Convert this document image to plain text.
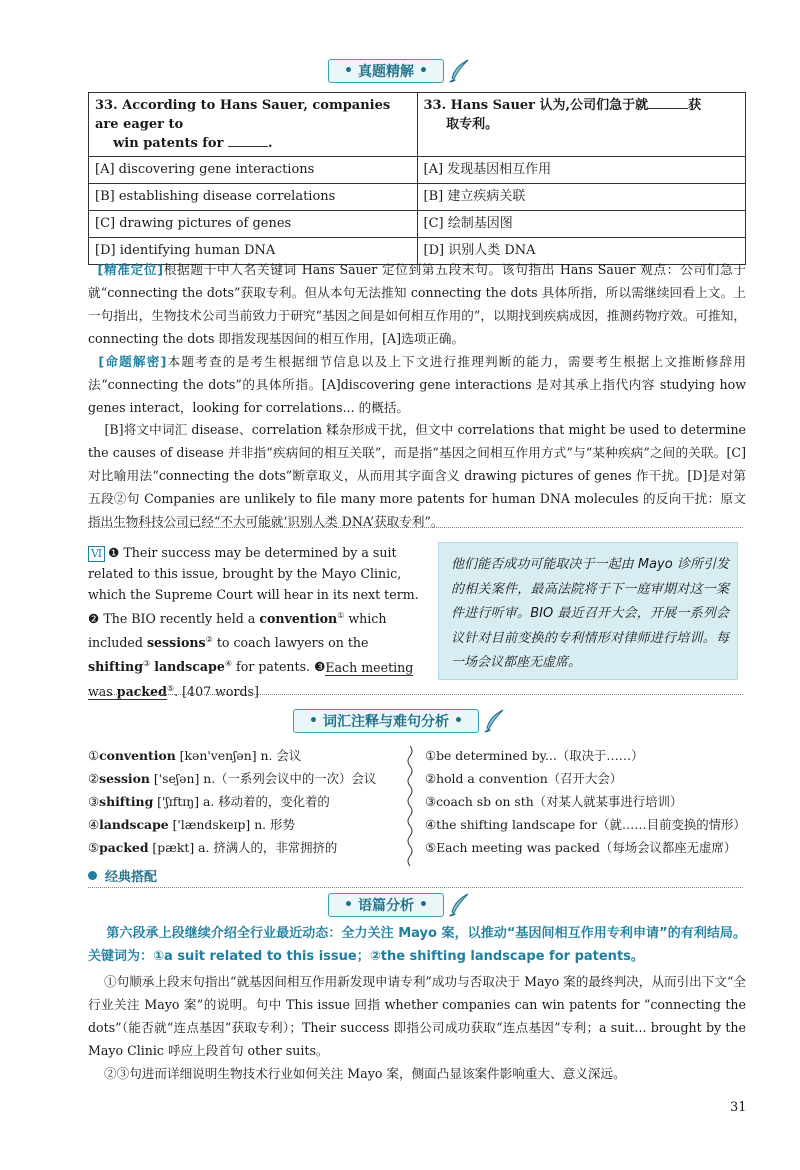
• 真题精解 •
33. According to Hans Sauer, companies are eager to
win patents for .	33. Hans Sauer 认为,公司们急于就 获
取专利。
[A] discovering gene interactions	[A] 发现基因相互作用
[B] establishing disease correlations	[B] 建立疾病关联
[C] drawing pictures of genes	[C] 绘制基因图
[D] identifying human DNA	[D] 识别人类 DNA
[精准定位]根据题干中人名关键词 Hans Sauer 定位到第五段末句。该句指出 Hans Sauer 观点：公司们急于就“connecting the dots”获取专利。但从本句无法推知 connecting the dots 具体所指，所以需继续回看上文。上一句指出，生物技术公司当前致力于研究“基因之间是如何相互作用的”，以期找到疾病成因，推测药物疗效。可推知，connecting the dots 即指发现基因间的相互作用，[A]选项正确。
[命题解密]本题考查的是考生根据细节信息以及上下文进行推理判断的能力，需要考生根据上文推断修辞用法“connecting the dots”的具体所指。[A]discovering gene interactions 是对其承上指代内容 studying how genes interact，looking for correlations... 的概括。
[B]将文中词汇 disease、correlation 糅杂形成干扰，但文中 correlations that might be used to determine the causes of disease 并非指“疾病间的相互关联”，而是指“基因之间相互作用方式”与“某种疾病”之间的关联。[C]对比喻用法“connecting the dots”断章取义，从而用其字面含义 drawing pictures of genes 作干扰。[D]是对第五段②句 Companies are unlikely to file many more patents for human DNA molecules 的反向干扰：原文指出生物科技公司已经“不大可能就‘识别人类 DNA’获取专利”。
Ⅵ ❶ Their success may be determined by a suit related to this issue, brought by the Mayo Clinic, which the Supreme Court will hear in its next term. ❷ The BIO recently held a convention① which included sessions② to coach lawyers on the shifting③ landscape④ for patents. ❸Each meeting was packed⑤. [407 words]
他们能否成功可能取决于一起由 Mayo 诊所引发的相关案件，最高法院将于下一庭审期对这一案件进行听审。BIO 最近召开大会，开展一系列会议针对目前变换的专利情形对律师进行培训。每一场会议都座无虚席。
• 词汇注释与难句分析 •
①convention [kən'venʃən] n. 会议
②session ['seʃən] n.（一系列会议中的一次）会议
③shifting ['ʃɪftɪŋ] a. 移动着的，变化着的
④landscape ['lændskeɪp] n. 形势
⑤packed [pækt] a. 挤满人的，非常拥挤的
①be determined by...（取决于……）
②hold a convention（召开大会）
③coach sb on sth（对某人就某事进行培训）
④the shifting landscape for（就……目前变换的情形）
⑤Each meeting was packed（每场会议都座无虚席）
经典搭配
• 语篇分析 •
第六段承上段继续介绍全行业最近动态：全力关注 Mayo 案，以推动“基因间相互作用专利申请”的有利结局。关键词为：①a suit related to this issue；②the shifting landscape for patents。
①句顺承上段末句指出“就基因间相互作用新发现申请专利”成功与否取决于 Mayo 案的最终判决，从而引出下文“全行业关注 Mayo 案”的说明。句中 This issue 回指 whether companies can win patents for “connecting the dots”（能否就“连点基因”获取专利）；Their success 即指公司成功获取“连点基因”专利；a suit... brought by the Mayo Clinic 呼应上段首句 other suits。
②③句进而详细说明生物技术行业如何关注 Mayo 案，侧面凸显该案件影响重大、意义深远。
31
